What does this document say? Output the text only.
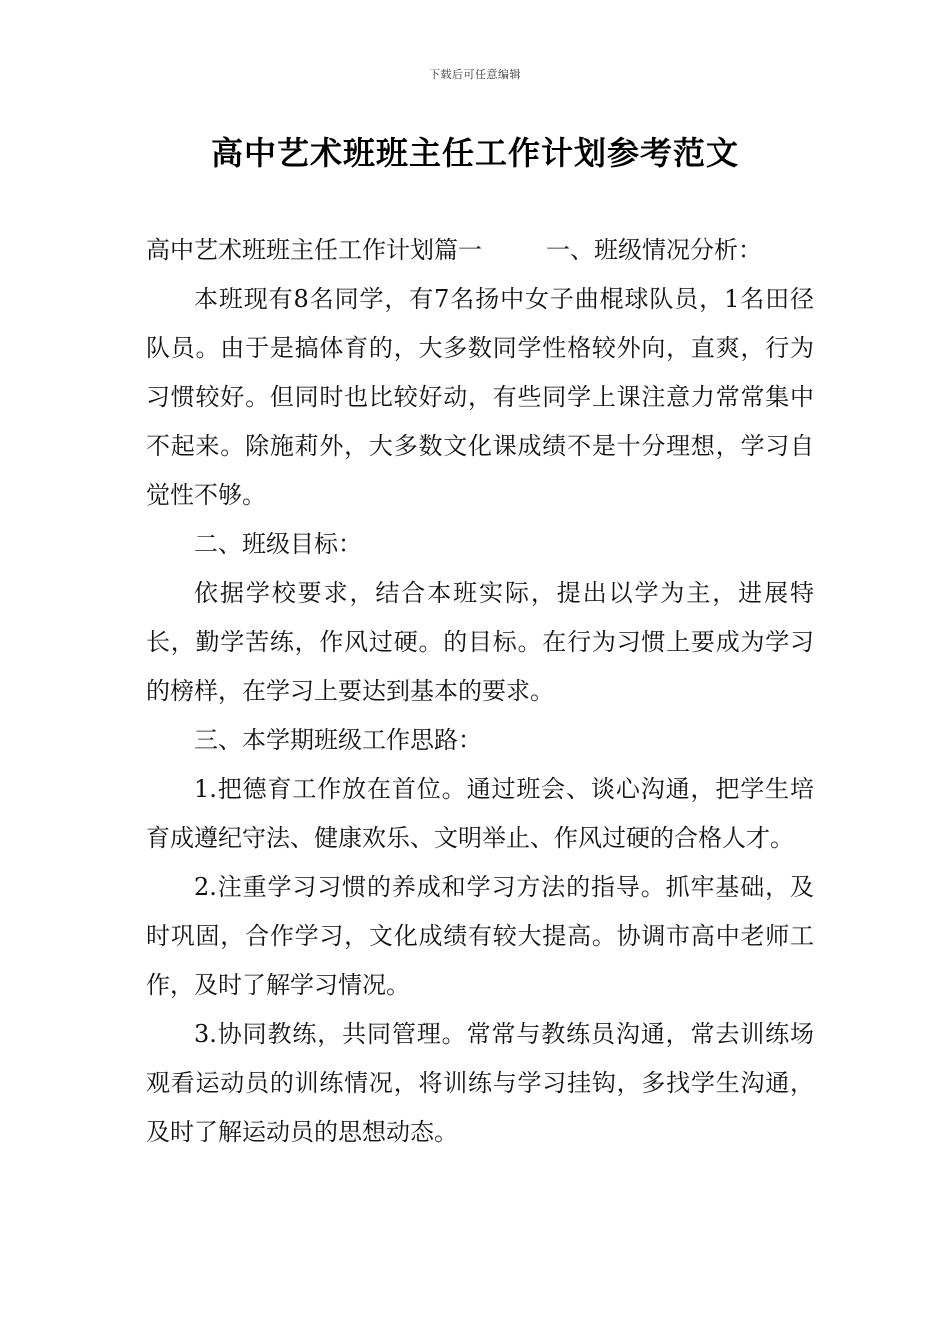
下载后可任意编辑
高中艺术班班主任工作计划参考范文

高中艺术班班主任工作计划篇一	一、班级情况分析：

本班现有8名同学，有7名扬中女子曲棍球队员，1名田径队员。由于是搞体育的，大多数同学性格较外向，直爽，行为习惯较好。但同时也比较好动，有些同学上课注意力常常集中不起来。除施莉外，大多数文化课成绩不是十分理想，学习自觉性不够。

二、班级目标：

依据学校要求，结合本班实际，提出以学为主，进展特长，勤学苦练，作风过硬。的目标。在行为习惯上要成为学习的榜样，在学习上要达到基本的要求。

三、本学期班级工作思路：

1.把德育工作放在首位。通过班会、谈心沟通，把学生培育成遵纪守法、健康欢乐、文明举止、作风过硬的合格人才。

2.注重学习习惯的养成和学习方法的指导。抓牢基础，及时巩固，合作学习，文化成绩有较大提高。协调市高中老师工作，及时了解学习情况。

3.协同教练，共同管理。常常与教练员沟通，常去训练场观看运动员的训练情况，将训练与学习挂钩，多找学生沟通，及时了解运动员的思想动态。
